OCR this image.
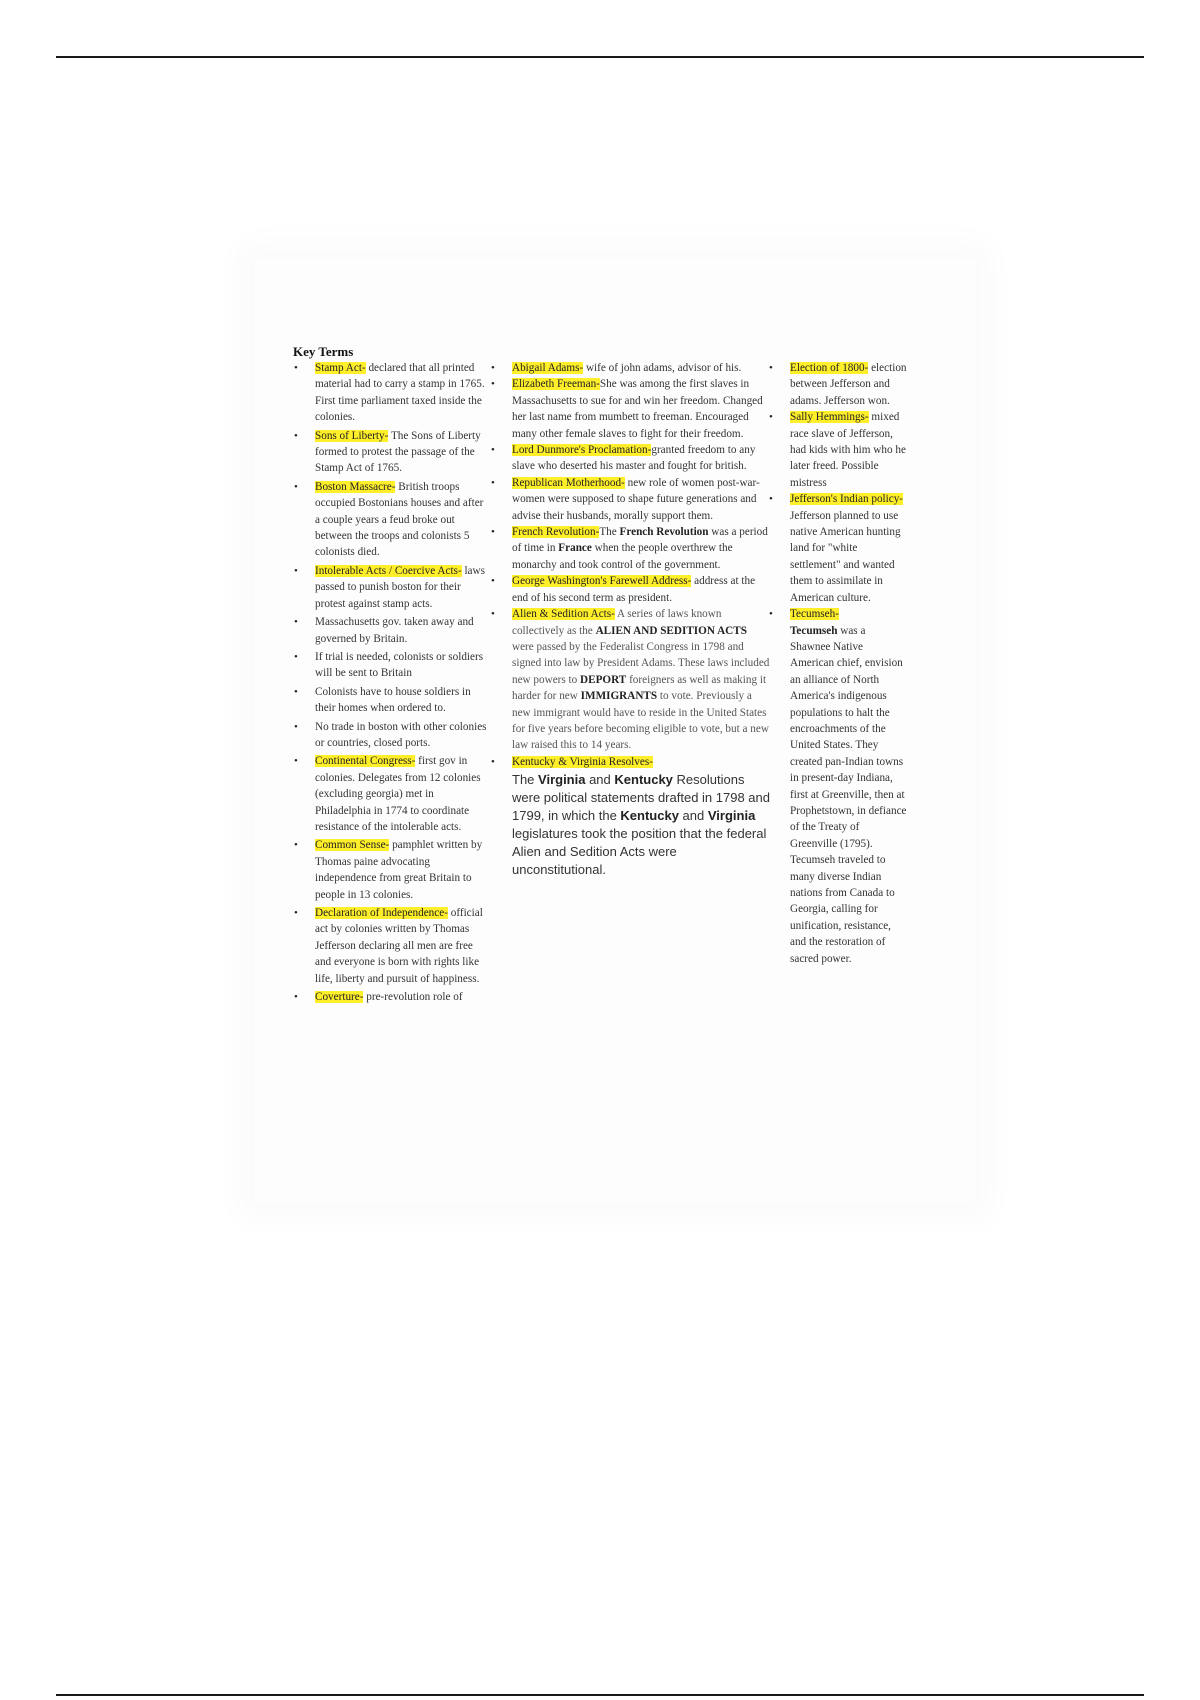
Key Terms
• Stamp Act- declared that all printed material had to carry a stamp in 1765. First time parliament taxed inside the colonies.
• Sons of Liberty- The Sons of Liberty formed to protest the passage of the Stamp Act of 1765.
• Boston Massacre- British troops occupied Bostonians houses and after a couple years a feud broke out between the troops and colonists 5 colonists died.
• Intolerable Acts / Coercive Acts- laws passed to punish boston for their protest against stamp acts.
• Massachusetts gov. taken away and governed by Britain.
• If trial is needed, colonists or soldiers will be sent to Britain
• Colonists have to house soldiers in their homes when ordered to.
• No trade in boston with other colonies or countries, closed ports.
• Continental Congress- first gov in colonies. Delegates from 12 colonies (excluding georgia) met in Philadelphia in 1774 to coordinate resistance of the intolerable acts.
• Common Sense- pamphlet written by Thomas paine advocating independence from great Britain to people in 13 colonies.
• Declaration of Independence- official act by colonies written by Thomas Jefferson declaring all men are free and everyone is born with rights like life, liberty and pursuit of happiness.
• Coverture- pre-revolution role of
• Abigail Adams- wife of john adams, advisor of his.
• Elizabeth Freeman-She was among the first slaves in Massachusetts to sue for and win her freedom. Changed her last name from mumbett to freeman. Encouraged many other female slaves to fight for their freedom.
• Lord Dunmore's Proclamation-granted freedom to any slave who deserted his master and fought for british.
• Republican Motherhood- new role of women post-war- women were supposed to shape future generations and advise their husbands, morally support them.
• French Revolution-The French Revolution was a period of time in France when the people overthrew the monarchy and took control of the government.
• George Washington's Farewell Address- address at the end of his second term as president.
• Alien & Sedition Acts- A series of laws known collectively as the ALIEN AND SEDITION ACTS were passed by the Federalist Congress in 1798 and signed into law by President Adams. These laws included new powers to DEPORT foreigners as well as making it harder for new IMMIGRANTS to vote. Previously a new immigrant would have to reside in the United States for five years before becoming eligible to vote, but a new law raised this to 14 years.
• Kentucky & Virginia Resolves-
The Virginia and Kentucky Resolutions were political statements drafted in 1798 and 1799, in which the Kentucky and Virginia legislatures took the position that the federal Alien and Sedition Acts were unconstitutional.
• Election of 1800- election between Jefferson and adams. Jefferson won.
• Sally Hemmings- mixed race slave of Jefferson, had kids with him who he later freed. Possible mistress
• Jefferson's Indian policy- Jefferson planned to use native American hunting land for "white settlement" and wanted them to assimilate in American culture.
• Tecumseh-
Tecumseh was a Shawnee Native American chief, envision an alliance of North America's indigenous populations to halt the encroachments of the United States. They created pan-Indian towns in present-day Indiana, first at Greenville, then at Prophetstown, in defiance of the Treaty of Greenville (1795). Tecumseh traveled to many diverse Indian nations from Canada to Georgia, calling for unification, resistance, and the restoration of sacred power.
